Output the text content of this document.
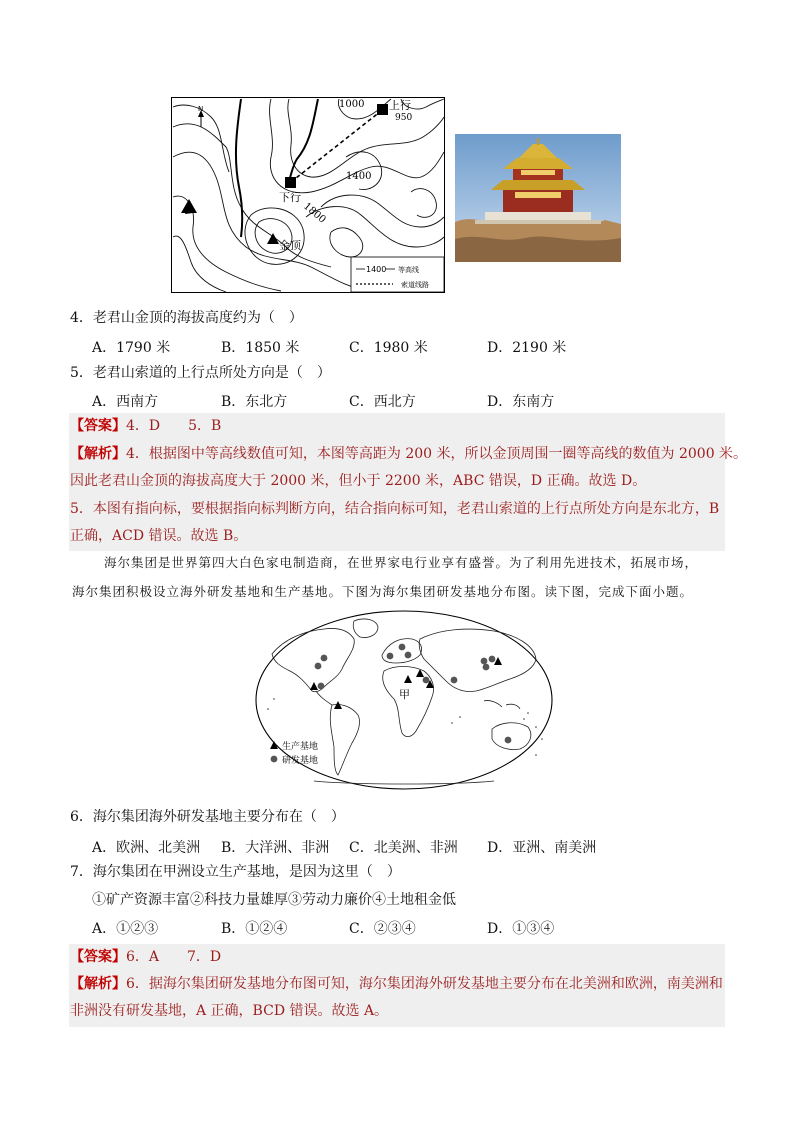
N	1000
1400
950
1800
上行
下行
金顶
1400 等高线
索道线路
4．老君山金顶的海拔高度约为（　）
A．1790 米	B．1850 米	C．1980 米	D．2190 米
5．老君山索道的上行点所处方向是（　）
A．西南方	B．东北方	C．西北方	D．东南方
【答案】4．D　　5．B
【解析】4．根据图中等高线数值可知，本图等高距为 200 米，所以金顶周围一圈等高线的数值为 2000 米。
因此老君山金顶的海拔高度大于 2000 米，但小于 2200 米，ABC 错误，D 正确。故选 D。
5．本图有指向标，要根据指向标判断方向，结合指向标可知，老君山索道的上行点所处方向是东北方，B
正确，ACD 错误。故选 B。
海尔集团是世界第四大白色家电制造商，在世界家电行业享有盛誉。为了利用先进技术，拓展市场，
海尔集团积极设立海外研发基地和生产基地。下图为海尔集团研发基地分布图。读下图，完成下面小题。
甲
生产基地
研发基地
6．海尔集团海外研发基地主要分布在（　）
A．欧洲、北美洲 B．大洋洲、非洲 C．北美洲、非洲 D．亚洲、南美洲
7．海尔集团在甲洲设立生产基地，是因为这里（　）
①矿产资源丰富②科技力量雄厚③劳动力廉价④土地租金低
A．①②③	B．①②④	C．②③④	D．①③④
【答案】6．A　　7．D
【解析】6．据海尔集团研发基地分布图可知，海尔集团海外研发基地主要分布在北美洲和欧洲，南美洲和
非洲没有研发基地，A 正确，BCD 错误。故选 A。
